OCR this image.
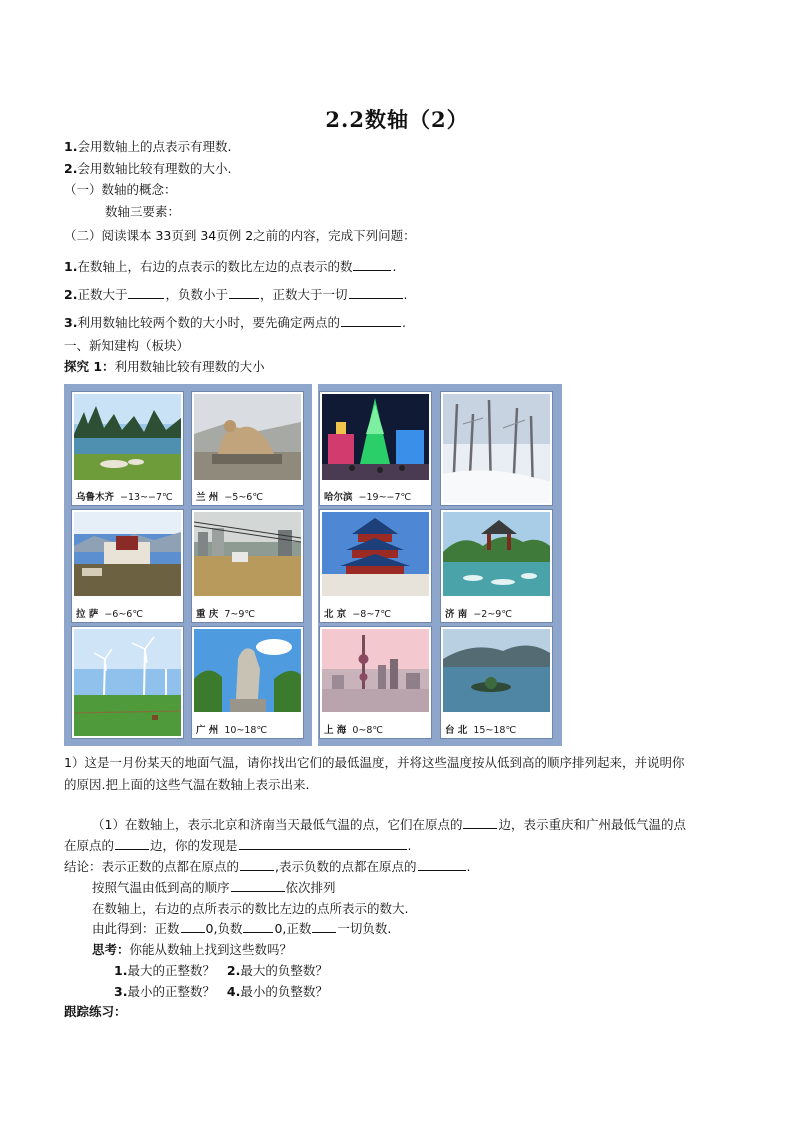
2.2数轴（2）
1.会用数轴上的点表示有理数.
2.会用数轴比较有理数的大小.
（一）数轴的概念：
数轴三要素：
（二）阅读课本 33页到 34页例 2之前的内容，完成下列问题：
1.在数轴上，右边的点表示的数比左边的点表示的数	.
2.正数大于	，负数小于	，正数大于一切	.
3.利用数轴比较两个数的大小时，要先确定两点的	.
一、新知建构（板块）
探究 1：利用数轴比较有理数的大小
乌鲁木齐 −13~−7℃ 兰 州 −5~6℃	哈尔滨 −19~−7℃
拉 萨 −6~6℃	重 庆 7~9℃	北 京 −8~7℃	济 南 −2~9℃
广 州 10~18℃	上 海 0~8℃	台 北 15~18℃
1）这是一月份某天的地面气温，请你找出它们的最低温度，并将这些温度按从低到高的顺序排列起来，并说明你
的原因.把上面的这些气温在数轴上表示出来.
（1）在数轴上，表示北京和济南当天最低气温的点，它们在原点的	边，表示重庆和广州最低气温的点
在原点的	边，你的发现是	.
结论：表示正数的点都在原点的	,表示负数的点都在原点的	.
按照气温由低到高的顺序	依次排列
在数轴上，右边的点所表示的数比左边的点所表示的数大.
由此得到：正数 0,负数	0,正数 一切负数.
思考：你能从数轴上找到这些数吗？
1.最大的正整数？ 2.最大的负整数？
3.最小的正整数？ 4.最小的负整数？
跟踪练习：
